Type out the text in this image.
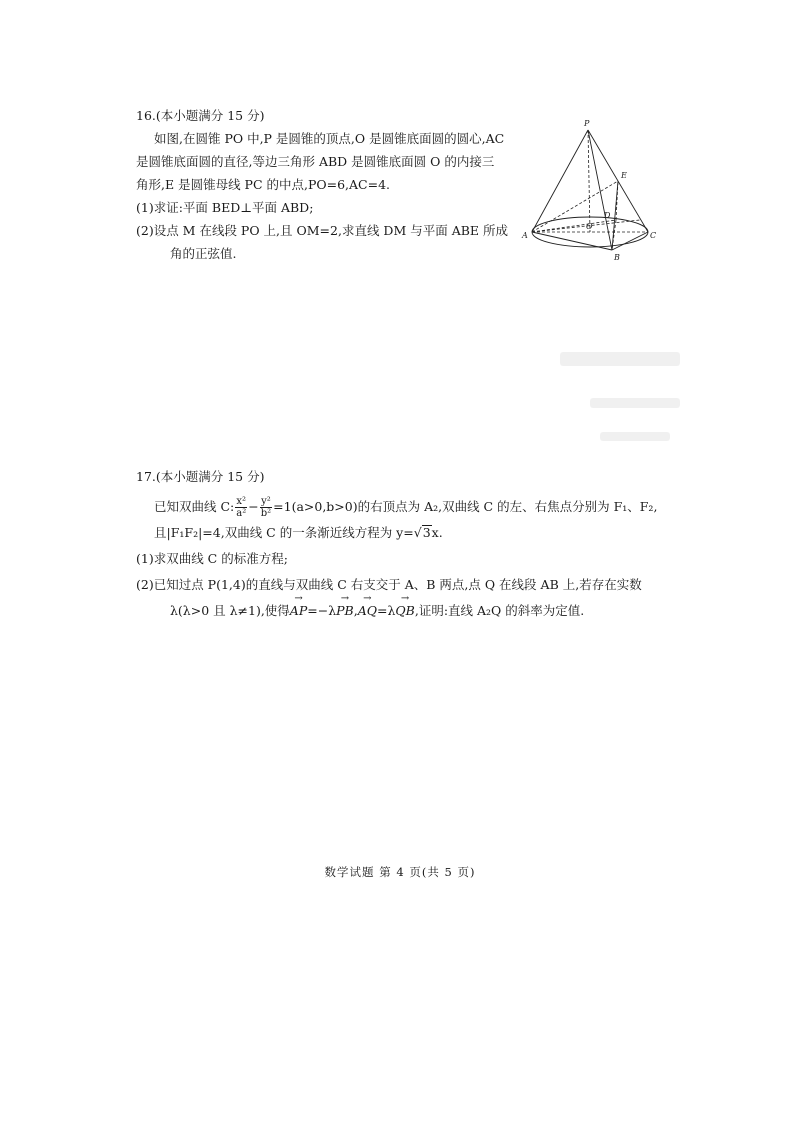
16.(本小题满分 15 分)
如图,在圆锥 PO 中,P 是圆锥的顶点,O 是圆锥底面圆的圆心,AC
是圆锥底面圆的直径,等边三角形 ABD 是圆锥底面圆 O 的内接三
角形,E 是圆锥母线 PC 的中点,PO=6,AC=4.
(1)求证:平面 BED⊥平面 ABD;
(2)设点 M 在线段 PO 上,且 OM=2,求直线 DM 与平面 ABE 所成
角的正弦值.
P
E
D
O
A
B
C
17.(本小题满分 15 分)
已知双曲线 C: $\frac{\text{x²}}{\text{a²}} - \frac{\text{y²}}{\text{b²}} =1(a>0,b>0)$的右顶点为 A₂,双曲线 C 的左、右焦点分别为 F₁、F₂,
且|F₁F₂|=4,双曲线 C 的一条渐近线方程为 y=√3x.
(1)求双曲线 C 的标准方程;
(2)已知过点 P(1,4)的直线与双曲线 C 右支交于 A、B 两点,点 Q 在线段 AB 上,若存在实数
λ(λ>0 且 λ≠1),使得→ AP=−λ→ PB,→ AQ=λ→ QB,证明:直线 A₂Q 的斜率为定值.
数学试题 第 4 页(共 5 页)
